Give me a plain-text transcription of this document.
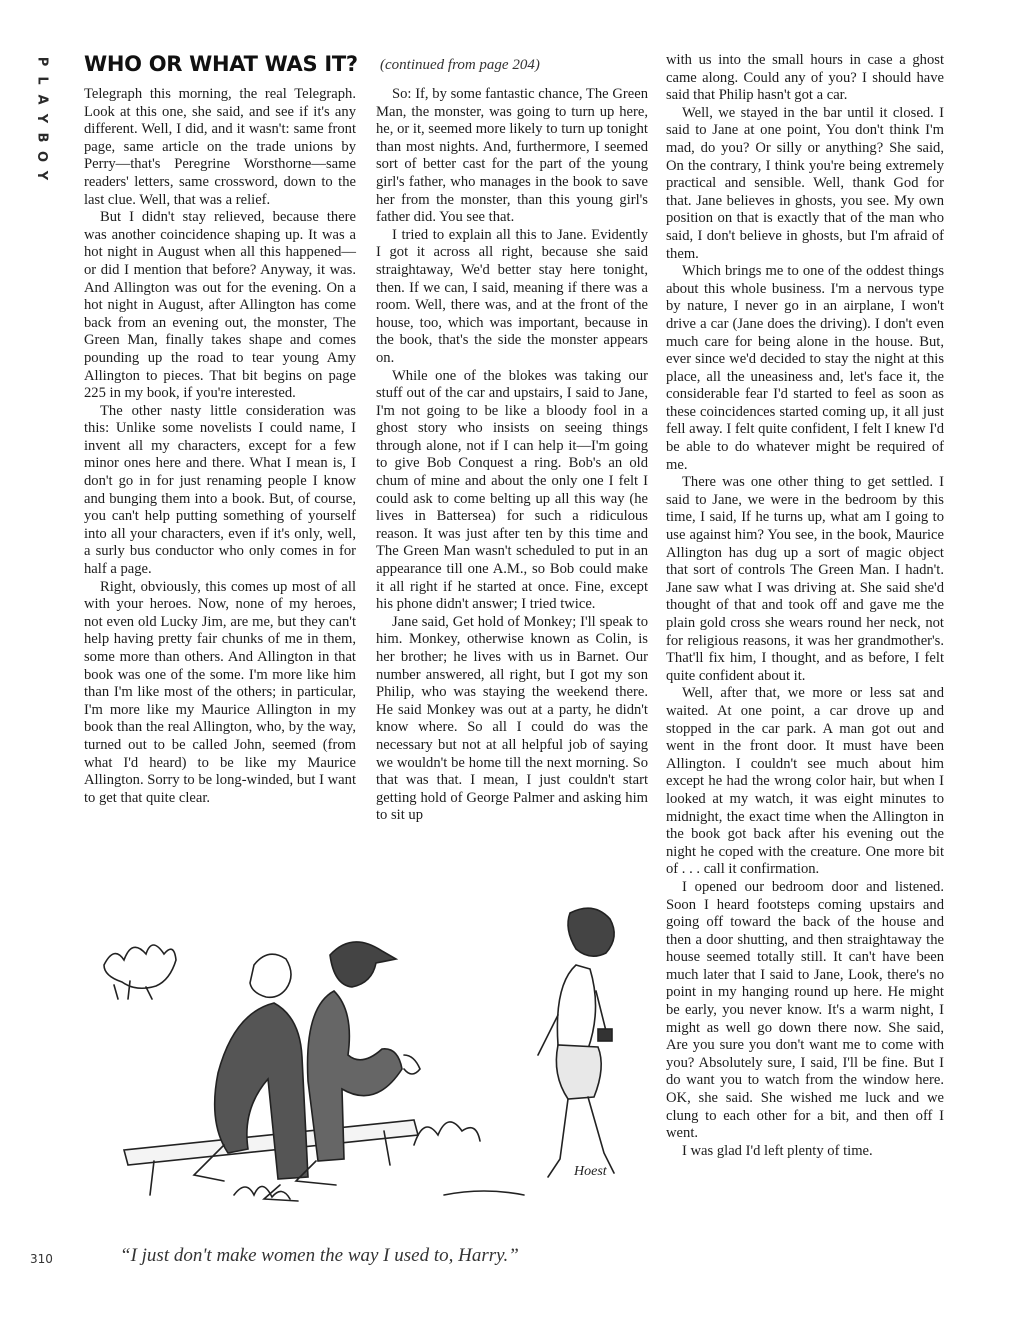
P
L
A
Y
B
O
Y
WHO OR WHAT WAS IT? (continued from page 204)

Telegraph this morning, the real Telegraph. Look at this one, she said, and see if it's any different. Well, I did, and it wasn't: same front page, same article on the trade unions by Perry—that's Peregrine Worsthorne—same readers' letters, same crossword, down to the last clue. Well, that was a relief.

But I didn't stay relieved, because there was another coincidence shaping up. It was a hot night in August when all this happened—or did I mention that before? Anyway, it was. And Allington was out for the evening. On a hot night in August, after Allington has come back from an evening out, the monster, The Green Man, finally takes shape and comes pounding up the road to tear young Amy Allington to pieces. That bit begins on page 225 in my book, if you're interested.

The other nasty little consideration was this: Unlike some novelists I could name, I invent all my characters, except for a few minor ones here and there. What I mean is, I don't go in for just renaming people I know and bunging them into a book. But, of course, you can't help putting something of yourself into all your characters, even if it's only, well, a surly bus conductor who only comes in for half a page.

Right, obviously, this comes up most of all with your heroes. Now, none of my heroes, not even old Lucky Jim, are me, but they can't help having pretty fair chunks of me in them, some more than others. And Allington in that book was one of the some. I'm more like him than I'm like most of the others; in particular, I'm more like my Maurice Allington in my book than the real Allington, who, by the way, turned out to be called John, seemed (from what I'd heard) to be like my Maurice Allington. Sorry to be long-winded, but I want to get that quite clear.

So: If, by some fantastic chance, The Green Man, the monster, was going to turn up here, he, or it, seemed more likely to turn up tonight than most nights. And, furthermore, I seemed sort of better cast for the part of the young girl's father, who manages in the book to save her from the monster, than this young girl's father did. You see that.

I tried to explain all this to Jane. Evidently I got it across all right, because she said straightaway, We'd better stay here tonight, then. If we can, I said, meaning if there was a room. Well, there was, and at the front of the house, too, which was important, because in the book, that's the side the monster appears on.

While one of the blokes was taking our stuff out of the car and upstairs, I said to Jane, I'm not going to be like a bloody fool in a ghost story who insists on seeing things through alone, not if I can help it—I'm going to give Bob Conquest a ring. Bob's an old chum of mine and about the only one I felt I could ask to come belting up all this way (he lives in Battersea) for such a ridiculous reason. It was just after ten by this time and The Green Man wasn't scheduled to put in an appearance till one A.M., so Bob could make it all right if he started at once. Fine, except his phone didn't answer; I tried twice.

Jane said, Get hold of Monkey; I'll speak to him. Monkey, otherwise known as Colin, is her brother; he lives with us in Barnet. Our number answered, all right, but I got my son Philip, who was staying the weekend there. He said Monkey was out at a party, he didn't know where. So all I could do was the necessary but not at all helpful job of saying we wouldn't be home till the next morning. So that was that. I mean, I just couldn't start getting hold of George Palmer and asking him to sit up

with us into the small hours in case a ghost came along. Could any of you? I should have said that Philip hasn't got a car.

Well, we stayed in the bar until it closed. I said to Jane at one point, You don't think I'm mad, do you? Or silly or anything? She said, On the contrary, I think you're being extremely practical and sensible. Well, thank God for that. Jane believes in ghosts, you see. My own position on that is exactly that of the man who said, I don't believe in ghosts, but I'm afraid of them.

Which brings me to one of the oddest things about this whole business. I'm a nervous type by nature, I never go in an airplane, I won't drive a car (Jane does the driving). I don't even much care for being alone in the house. But, ever since we'd decided to stay the night at this place, all the uneasiness and, let's face it, the considerable fear I'd started to feel as soon as these coincidences started coming up, it all just fell away. I felt quite confident, I felt I knew I'd be able to do whatever might be required of me.

There was one other thing to get settled. I said to Jane, we were in the bedroom by this time, I said, If he turns up, what am I going to use against him? You see, in the book, Maurice Allington has dug up a sort of magic object that sort of controls The Green Man. I hadn't. Jane saw what I was driving at. She said she'd thought of that and took off and gave me the plain gold cross she wears round her neck, not for religious reasons, it was her grandmother's. That'll fix him, I thought, and as before, I felt quite confident about it.

Well, after that, we more or less sat and waited. At one point, a car drove up and stopped in the car park. A man got out and went in the front door. It must have been Allington. I couldn't see much about him except he had the wrong color hair, but when I looked at my watch, it was eight minutes to midnight, the exact time when the Allington in the book got back after his evening out the night he coped with the creature. One more bit of . . . call it confirmation.

I opened our bedroom door and listened. Soon I heard footsteps coming upstairs and going off toward the back of the house and then a door shutting, and then straightaway the house seemed totally still. It can't have been much later that I said to Jane, Look, there's no point in my hanging round up here. He might be early, you never know. It's a warm night, I might as well go down there now. She said, Are you sure you don't want me to come with you? Absolutely sure, I said, I'll be fine. But I do want you to watch from the window here. OK, she said. She wished me luck and we clung to each other for a bit, and then off I went.

I was glad I'd left plenty of time.

Hoest
“I just don't make women the way I used to, Harry.”
310
